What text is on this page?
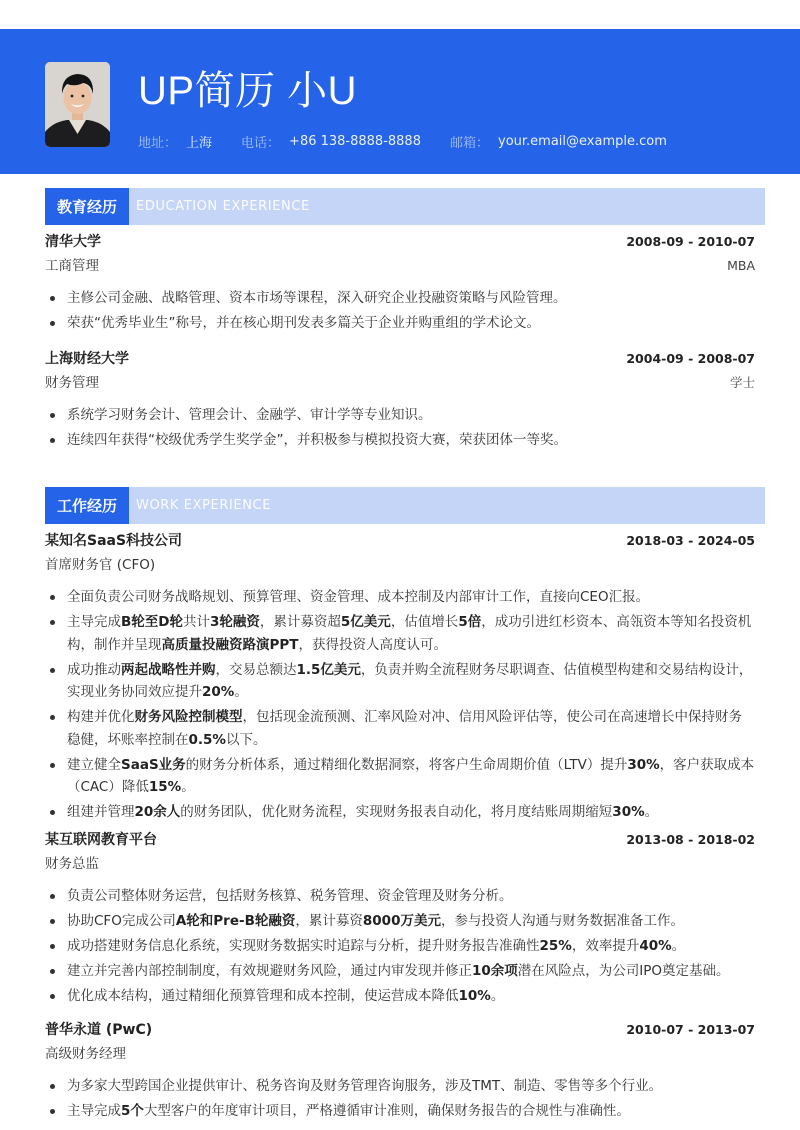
UP简历 小U
地址： 上海 电话： +86 138-8888-8888 邮箱： your.email@example.com
教育经历	EDUCATION EXPERIENCE
清华大学	2008-09 - 2010-07
工商管理	MBA
主修公司金融、战略管理、资本市场等课程，深入研究企业投融资策略与风险管理。
荣获“优秀毕业生”称号，并在核心期刊发表多篇关于企业并购重组的学术论文。
上海财经大学	2004-09 - 2008-07
财务管理	学士
系统学习财务会计、管理会计、金融学、审计学等专业知识。
连续四年获得“校级优秀学生奖学金”，并积极参与模拟投资大赛，荣获团体一等奖。
工作经历	WORK EXPERIENCE
某知名SaaS科技公司	2018-03 - 2024-05
首席财务官 (CFO)
全面负责公司财务战略规划、预算管理、资金管理、成本控制及内部审计工作，直接向CEO汇报。
主导完成B轮至D轮共计3轮融资，累计募资超5亿美元，估值增长5倍，成功引进红杉资本、高瓴资本等知名投资机构，制作并呈现高质量投融资路演PPT，获得投资人高度认可。
成功推动两起战略性并购，交易总额达1.5亿美元，负责并购全流程财务尽职调查、估值模型构建和交易结构设计，实现业务协同效应提升20%。
构建并优化财务风险控制模型，包括现金流预测、汇率风险对冲、信用风险评估等，使公司在高速增长中保持财务稳健，坏账率控制在0.5%以下。
建立健全SaaS业务的财务分析体系，通过精细化数据洞察，将客户生命周期价值（LTV）提升30%，客户获取成本（CAC）降低15%。
组建并管理20余人的财务团队，优化财务流程，实现财务报表自动化，将月度结账周期缩短30%。
某互联网教育平台	2013-08 - 2018-02
财务总监
负责公司整体财务运营，包括财务核算、税务管理、资金管理及财务分析。
协助CFO完成公司A轮和Pre-B轮融资，累计募资8000万美元，参与投资人沟通与财务数据准备工作。
成功搭建财务信息化系统，实现财务数据实时追踪与分析，提升财务报告准确性25%，效率提升40%。
建立并完善内部控制制度，有效规避财务风险，通过内审发现并修正10余项潜在风险点，为公司IPO奠定基础。
优化成本结构，通过精细化预算管理和成本控制，使运营成本降低10%。
普华永道 (PwC)	2010-07 - 2013-07
高级财务经理
为多家大型跨国企业提供审计、税务咨询及财务管理咨询服务，涉及TMT、制造、零售等多个行业。
主导完成5个大型客户的年度审计项目，严格遵循审计准则，确保财务报告的合规性与准确性。
